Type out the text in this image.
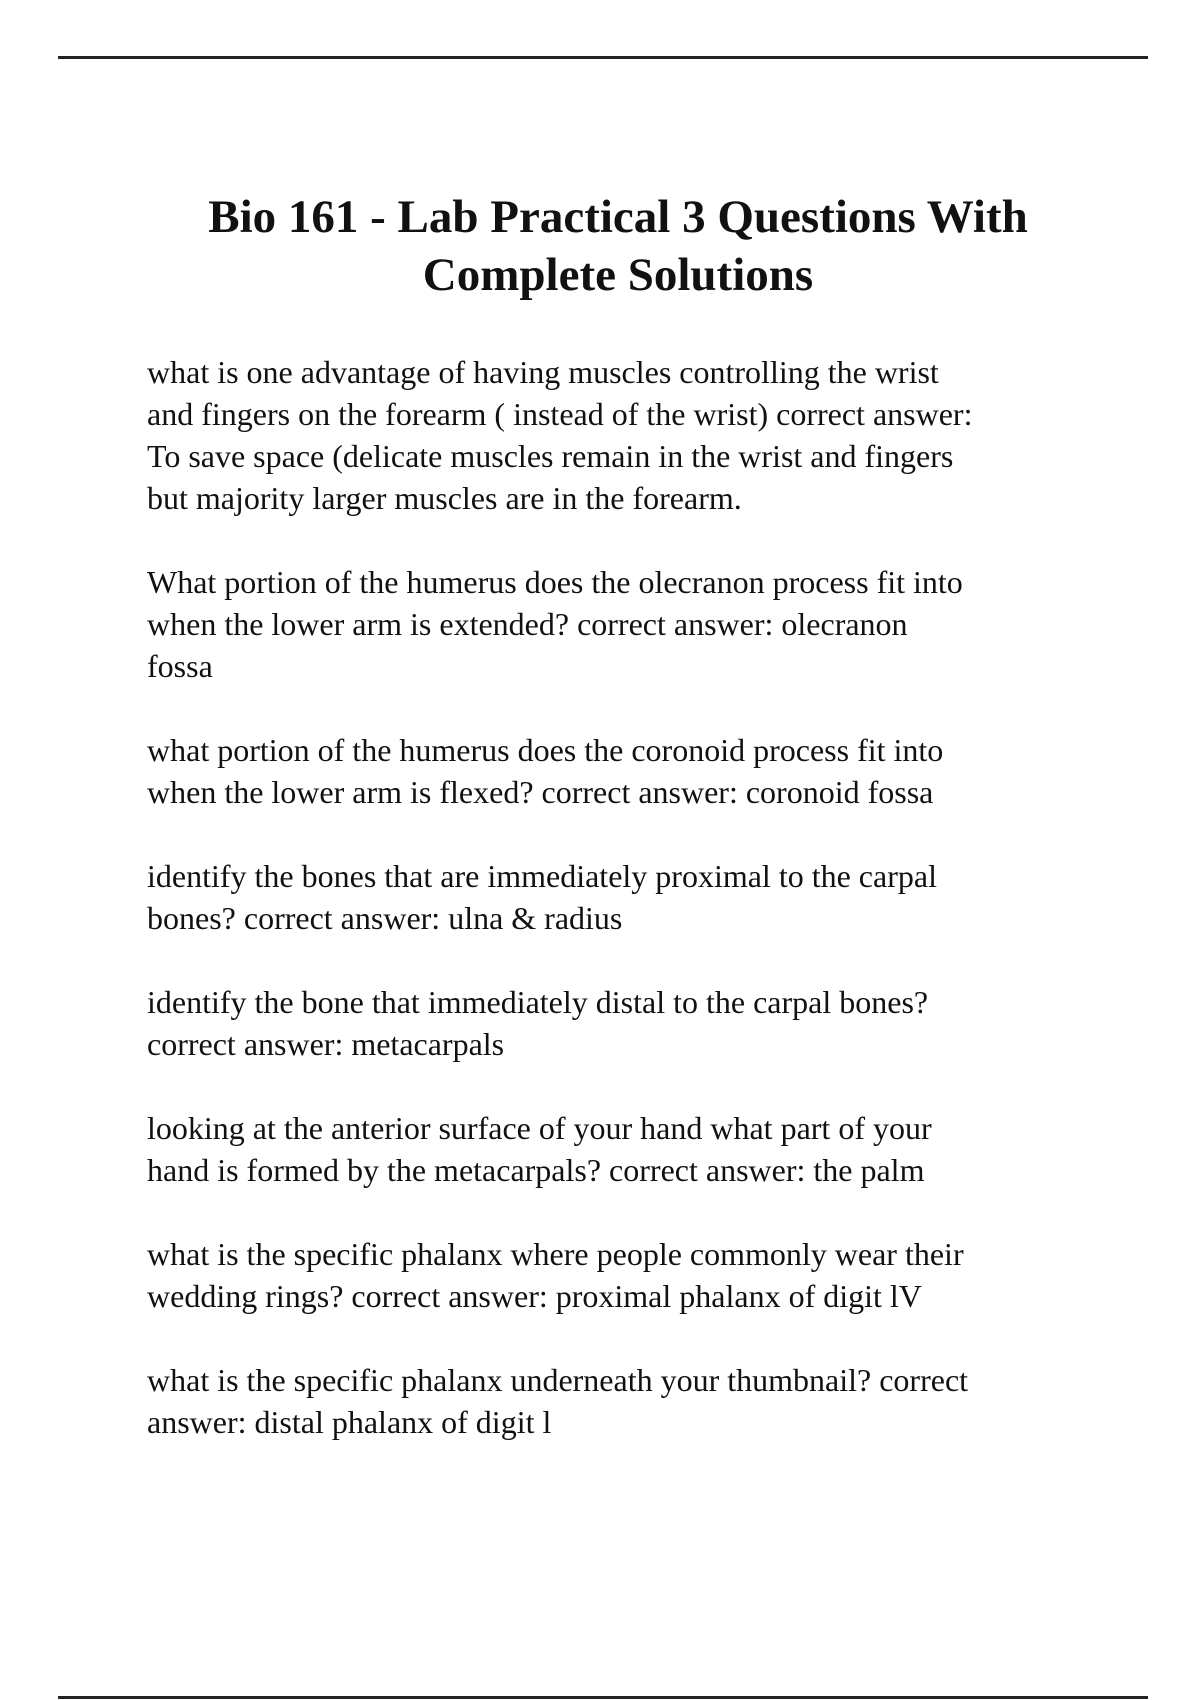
Bio 161 - Lab Practical 3 Questions With
Complete Solutions
what is one advantage of having muscles controlling the wrist
and fingers on the forearm ( instead of the wrist) correct answer:
To save space (delicate muscles remain in the wrist and fingers
but majority larger muscles are in the forearm.
What portion of the humerus does the olecranon process fit into
when the lower arm is extended? correct answer: olecranon
fossa
what portion of the humerus does the coronoid process fit into
when the lower arm is flexed? correct answer: coronoid fossa
identify the bones that are immediately proximal to the carpal
bones? correct answer: ulna & radius
identify the bone that immediately distal to the carpal bones?
correct answer: metacarpals
looking at the anterior surface of your hand what part of your
hand is formed by the metacarpals? correct answer: the palm
what is the specific phalanx where people commonly wear their
wedding rings? correct answer: proximal phalanx of digit lV
what is the specific phalanx underneath your thumbnail? correct
answer: distal phalanx of digit l
